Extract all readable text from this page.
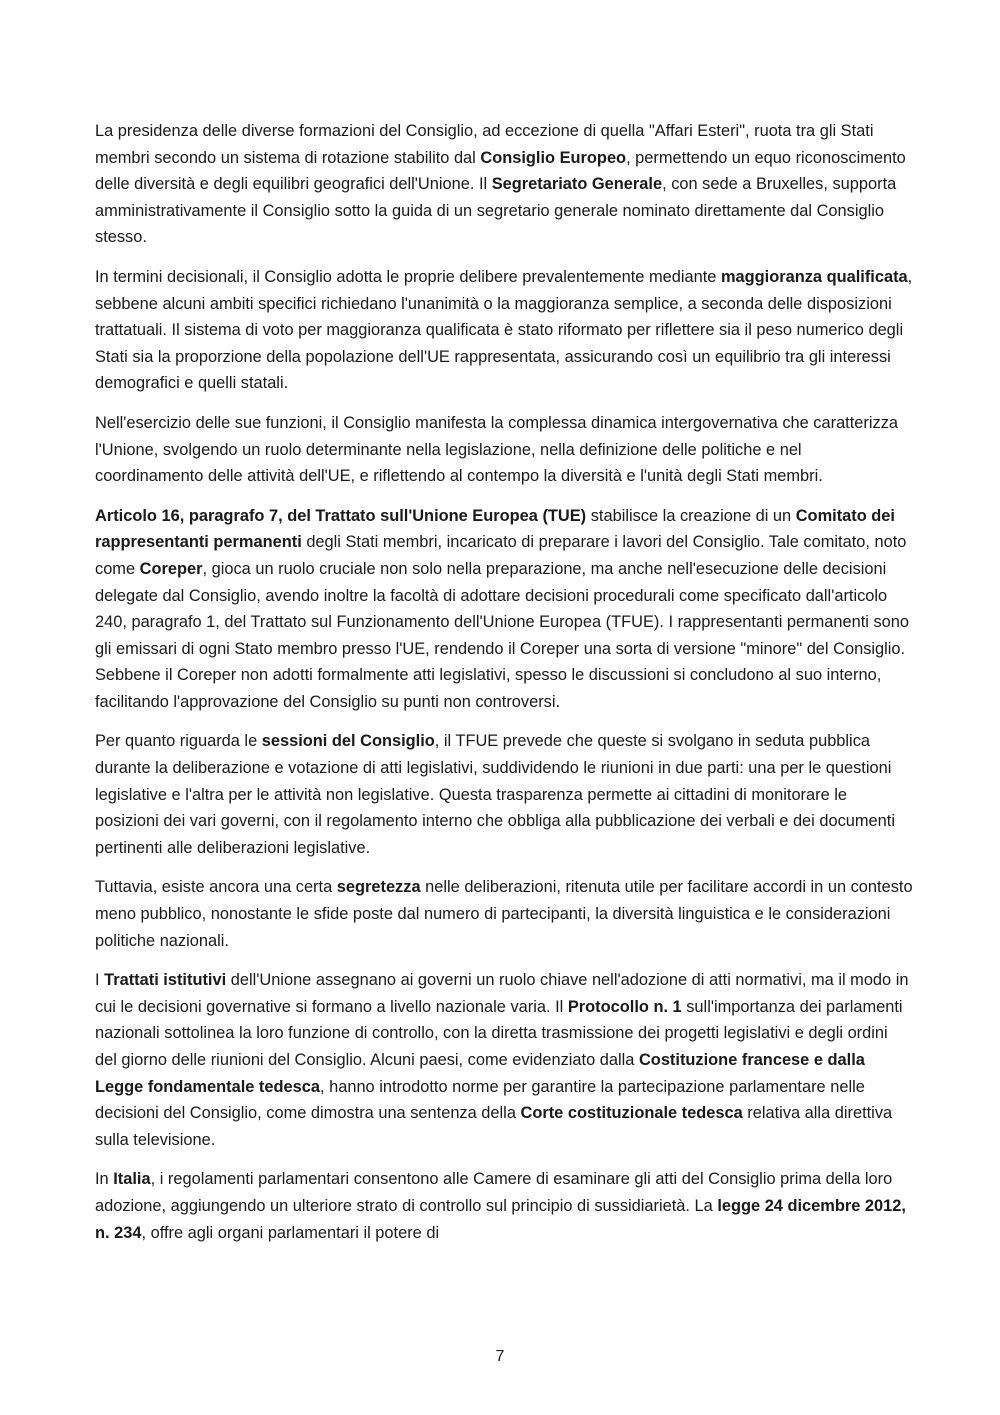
La presidenza delle diverse formazioni del Consiglio, ad eccezione di quella "Affari Esteri", ruota tra gli Stati membri secondo un sistema di rotazione stabilito dal Consiglio Europeo, permettendo un equo riconoscimento delle diversità e degli equilibri geografici dell'Unione. Il Segretariato Generale, con sede a Bruxelles, supporta amministrativamente il Consiglio sotto la guida di un segretario generale nominato direttamente dal Consiglio stesso.

In termini decisionali, il Consiglio adotta le proprie delibere prevalentemente mediante maggioranza qualificata, sebbene alcuni ambiti specifici richiedano l'unanimità o la maggioranza semplice, a seconda delle disposizioni trattatuali. Il sistema di voto per maggioranza qualificata è stato riformato per riflettere sia il peso numerico degli Stati sia la proporzione della popolazione dell'UE rappresentata, assicurando così un equilibrio tra gli interessi demografici e quelli statali.

Nell'esercizio delle sue funzioni, il Consiglio manifesta la complessa dinamica intergovernativa che caratterizza l'Unione, svolgendo un ruolo determinante nella legislazione, nella definizione delle politiche e nel coordinamento delle attività dell'UE, e riflettendo al contempo la diversità e l'unità degli Stati membri.

Articolo 16, paragrafo 7, del Trattato sull'Unione Europea (TUE) stabilisce la creazione di un Comitato dei rappresentanti permanenti degli Stati membri, incaricato di preparare i lavori del Consiglio. Tale comitato, noto come Coreper, gioca un ruolo cruciale non solo nella preparazione, ma anche nell'esecuzione delle decisioni delegate dal Consiglio, avendo inoltre la facoltà di adottare decisioni procedurali come specificato dall'articolo 240, paragrafo 1, del Trattato sul Funzionamento dell'Unione Europea (TFUE). I rappresentanti permanenti sono gli emissari di ogni Stato membro presso l'UE, rendendo il Coreper una sorta di versione "minore" del Consiglio. Sebbene il Coreper non adotti formalmente atti legislativi, spesso le discussioni si concludono al suo interno, facilitando l'approvazione del Consiglio su punti non controversi.

Per quanto riguarda le sessioni del Consiglio, il TFUE prevede che queste si svolgano in seduta pubblica durante la deliberazione e votazione di atti legislativi, suddividendo le riunioni in due parti: una per le questioni legislative e l'altra per le attività non legislative. Questa trasparenza permette ai cittadini di monitorare le posizioni dei vari governi, con il regolamento interno che obbliga alla pubblicazione dei verbali e dei documenti pertinenti alle deliberazioni legislative.

Tuttavia, esiste ancora una certa segretezza nelle deliberazioni, ritenuta utile per facilitare accordi in un contesto meno pubblico, nonostante le sfide poste dal numero di partecipanti, la diversità linguistica e le considerazioni politiche nazionali.

I Trattati istitutivi dell'Unione assegnano ai governi un ruolo chiave nell'adozione di atti normativi, ma il modo in cui le decisioni governative si formano a livello nazionale varia. Il Protocollo n. 1 sull'importanza dei parlamenti nazionali sottolinea la loro funzione di controllo, con la diretta trasmissione dei progetti legislativi e degli ordini del giorno delle riunioni del Consiglio. Alcuni paesi, come evidenziato dalla Costituzione francese e dalla Legge fondamentale tedesca, hanno introdotto norme per garantire la partecipazione parlamentare nelle decisioni del Consiglio, come dimostra una sentenza della Corte costituzionale tedesca relativa alla direttiva sulla televisione.

In Italia, i regolamenti parlamentari consentono alle Camere di esaminare gli atti del Consiglio prima della loro adozione, aggiungendo un ulteriore strato di controllo sul principio di sussidiarietà. La legge 24 dicembre 2012, n. 234, offre agli organi parlamentari il potere di

7
